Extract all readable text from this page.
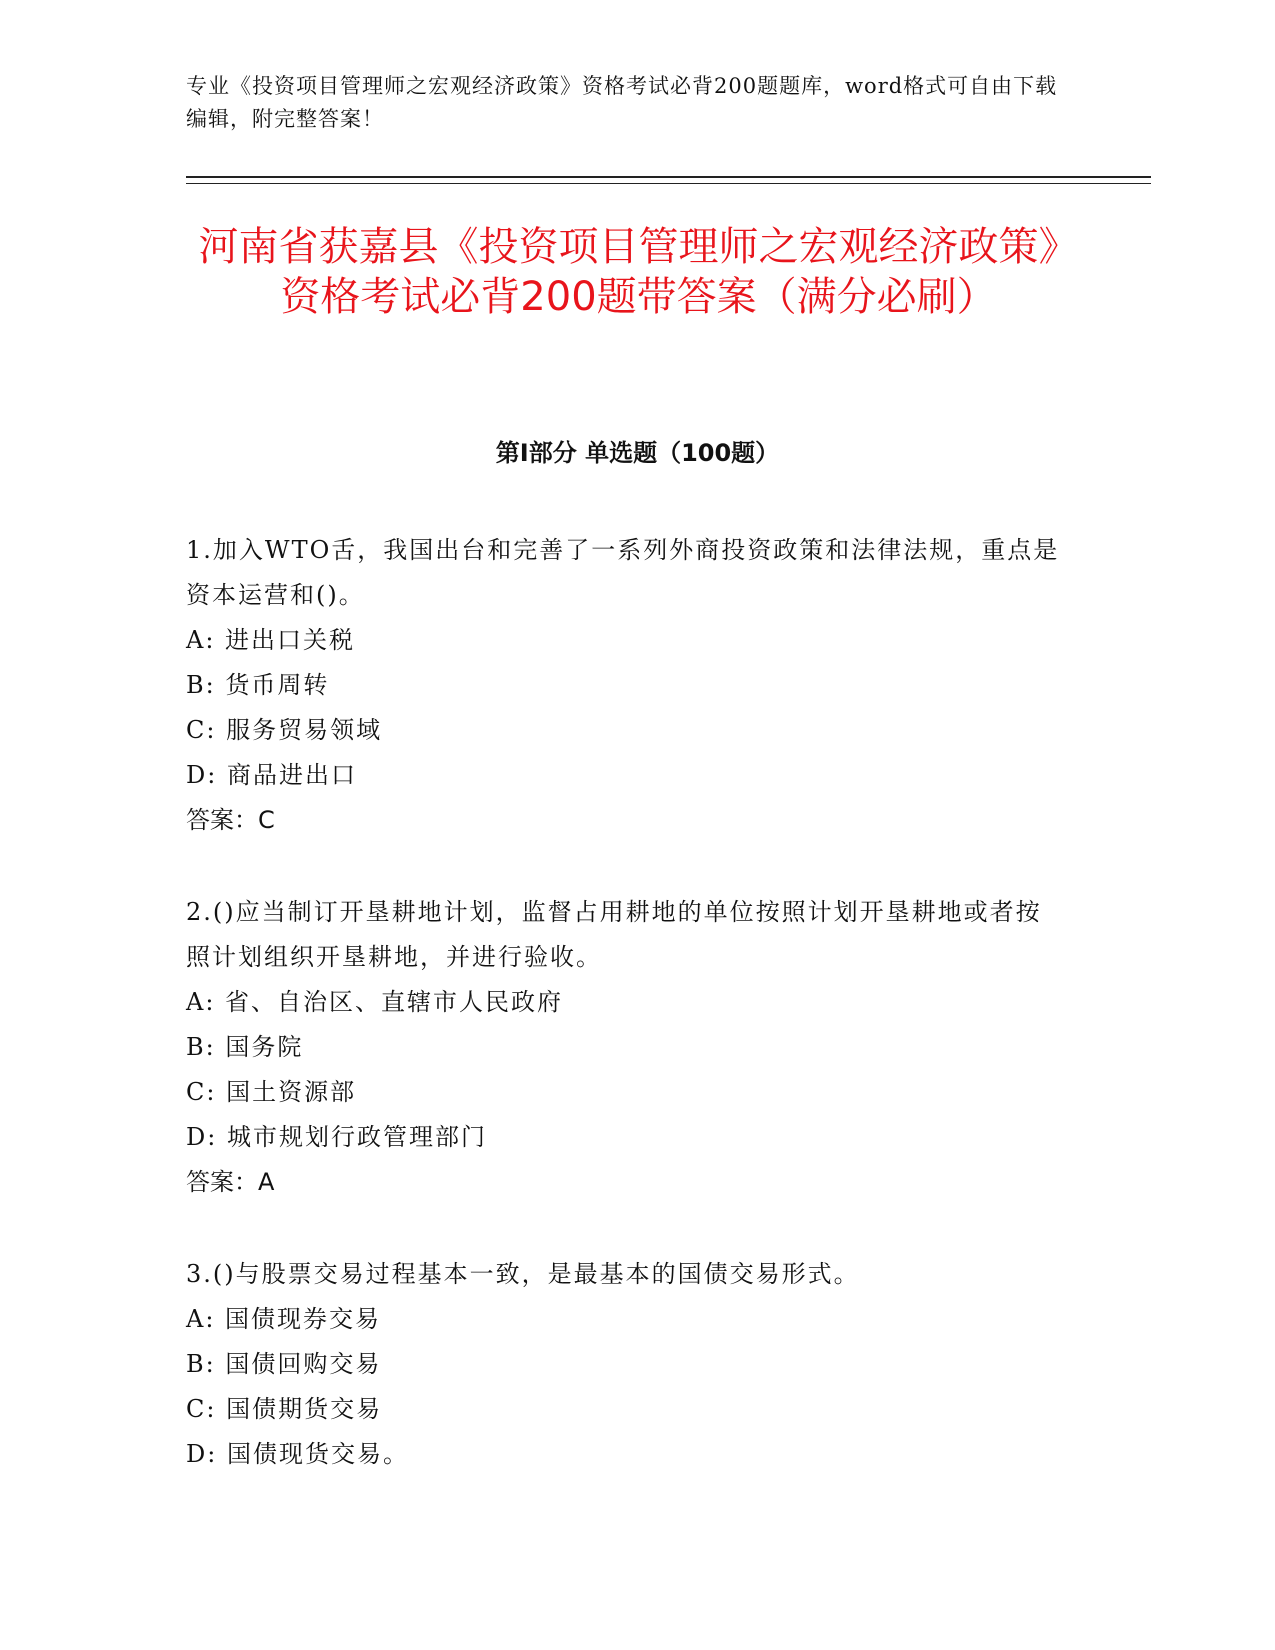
专业《投资项目管理师之宏观经济政策》资格考试必背200题题库，word格式可自由下载编辑，附完整答案！
河南省获嘉县《投资项目管理师之宏观经济政策》资格考试必背200题带答案（满分必刷）
第I部分 单选题（100题）
1.加入WTO舌，我国出台和完善了一系列外商投资政策和法律法规，重点是资本运营和()。
A: 进出口关税
B: 货币周转
C: 服务贸易领域
D: 商品进出口
答案：C
2.()应当制订开垦耕地计划，监督占用耕地的单位按照计划开垦耕地或者按照计划组织开垦耕地，并进行验收。
A: 省、自治区、直辖市人民政府
B: 国务院
C: 国土资源部
D: 城市规划行政管理部门
答案：A
3.()与股票交易过程基本一致，是最基本的国债交易形式。
A: 国债现券交易
B: 国债回购交易
C: 国债期货交易
D: 国债现货交易。
